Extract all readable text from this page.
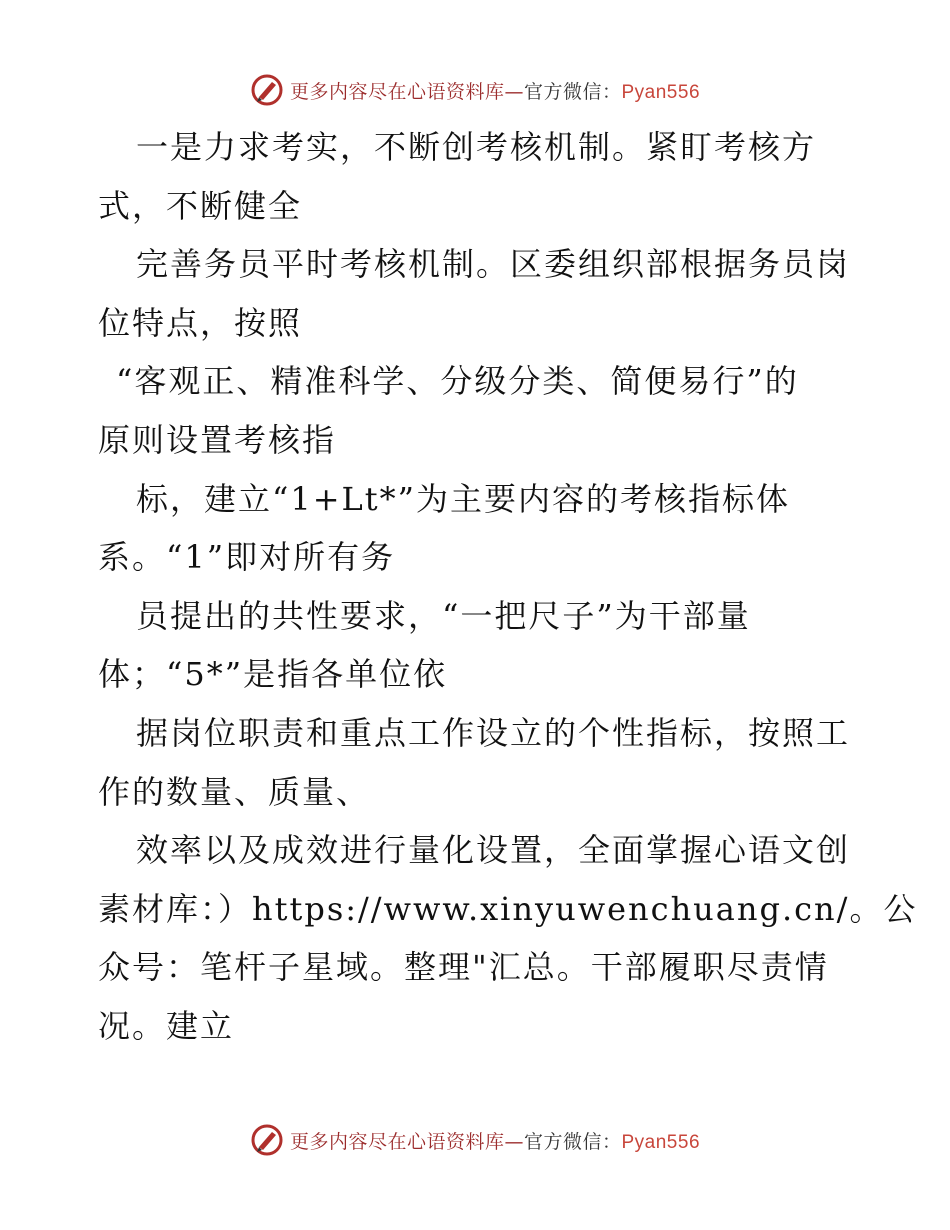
更多内容尽在心语资料库—官方微信：Pyan556
一是力求考实，不断创考核机制。紧盯考核方
式，不断健全
完善务员平时考核机制。区委组织部根据务员岗
位特点，按照
“客观正、精准科学、分级分类、简便易行”的
原则设置考核指
标，建立“1+Lt*”为主要内容的考核指标体
系。“1”即对所有务
员提出的共性要求，“一把尺子”为干部量
体；“5*”是指各单位依
据岗位职责和重点工作设立的个性指标，按照工
作的数量、质量、
效率以及成效进行量化设置，全面掌握心语文创
素材库：）https://www.xinyuwenchuang.cn/。公
众号：笔杆子星域。整理"汇总。干部履职尽责情
况。建立
更多内容尽在心语资料库—官方微信：Pyan556
